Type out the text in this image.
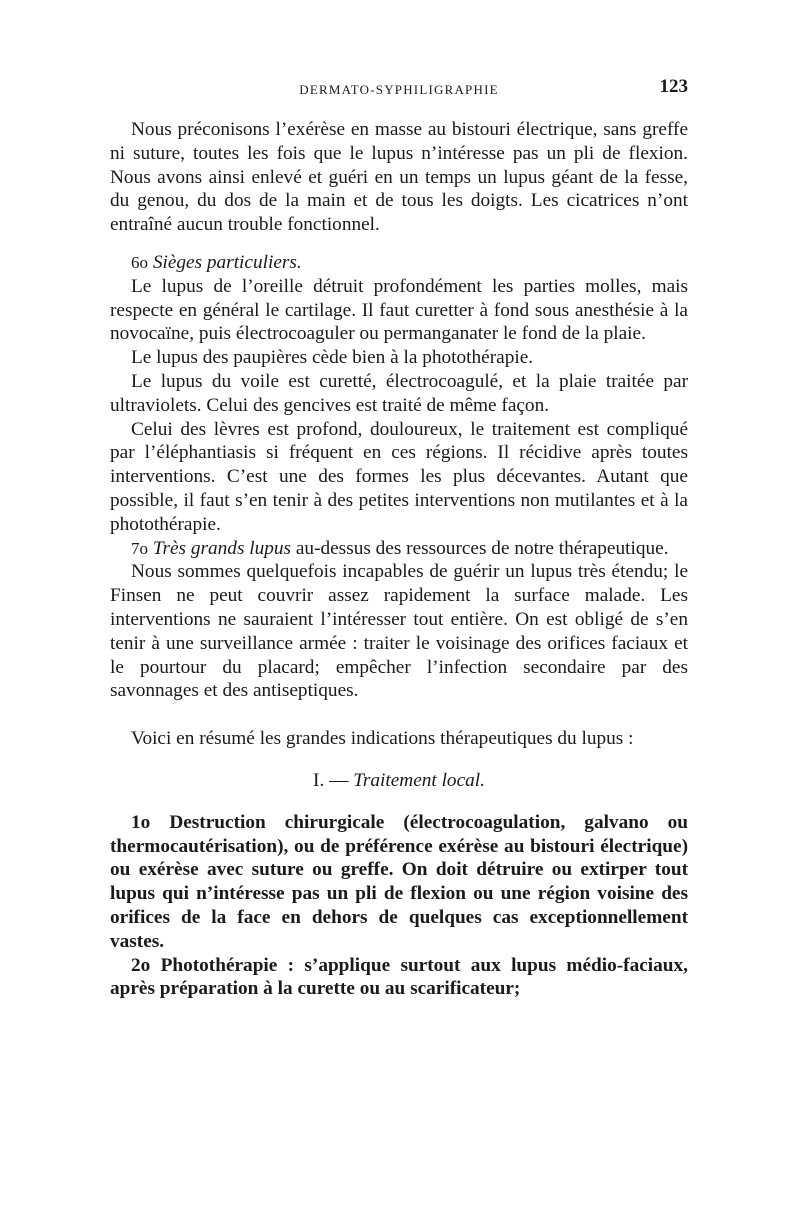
DERMATO-SYPHILIGRAPHIE	123

Nous préconisons l’exérèse en masse au bistouri électrique, sans greffe ni suture, toutes les fois que le lupus n’intéresse pas un pli de flexion. Nous avons ainsi enlevé et guéri en un temps un lupus géant de la fesse, du genou, du dos de la main et de tous les doigts. Les cicatrices n’ont entraîné aucun trouble fonctionnel.

6o Sièges particuliers.

Le lupus de l’oreille détruit profondément les parties molles, mais respecte en général le cartilage. Il faut curetter à fond sous anesthésie à la novocaïne, puis électrocoaguler ou permanganater le fond de la plaie.

Le lupus des paupières cède bien à la photothérapie.

Le lupus du voile est curetté, électrocoagulé, et la plaie traitée par ultraviolets. Celui des gencives est traité de même façon.

Celui des lèvres est profond, douloureux, le traitement est compliqué par l’éléphantiasis si fréquent en ces régions. Il récidive après toutes interventions. C’est une des formes les plus décevantes. Autant que possible, il faut s’en tenir à des petites interventions non mutilantes et à la photothérapie.

7o Très grands lupus au-dessus des ressources de notre thérapeutique.

Nous sommes quelquefois incapables de guérir un lupus très étendu; le Finsen ne peut couvrir assez rapidement la surface malade. Les interventions ne sauraient l’intéresser tout entière. On est obligé de s’en tenir à une surveillance armée : traiter le voisinage des orifices faciaux et le pourtour du placard; empêcher l’infection secondaire par des savonnages et des antiseptiques.

Voici en résumé les grandes indications thérapeutiques du lupus :

I. — Traitement local.

1o Destruction chirurgicale (électrocoagulation, galvano ou thermocautérisation), ou de préférence exérèse au bistouri électrique) ou exérèse avec suture ou greffe. On doit détruire ou extirper tout lupus qui n’intéresse pas un pli de flexion ou une région voisine des orifices de la face en dehors de quelques cas exceptionnellement vastes.

2o Photothérapie : s’applique surtout aux lupus médio-faciaux, après préparation à la curette ou au scarificateur;
